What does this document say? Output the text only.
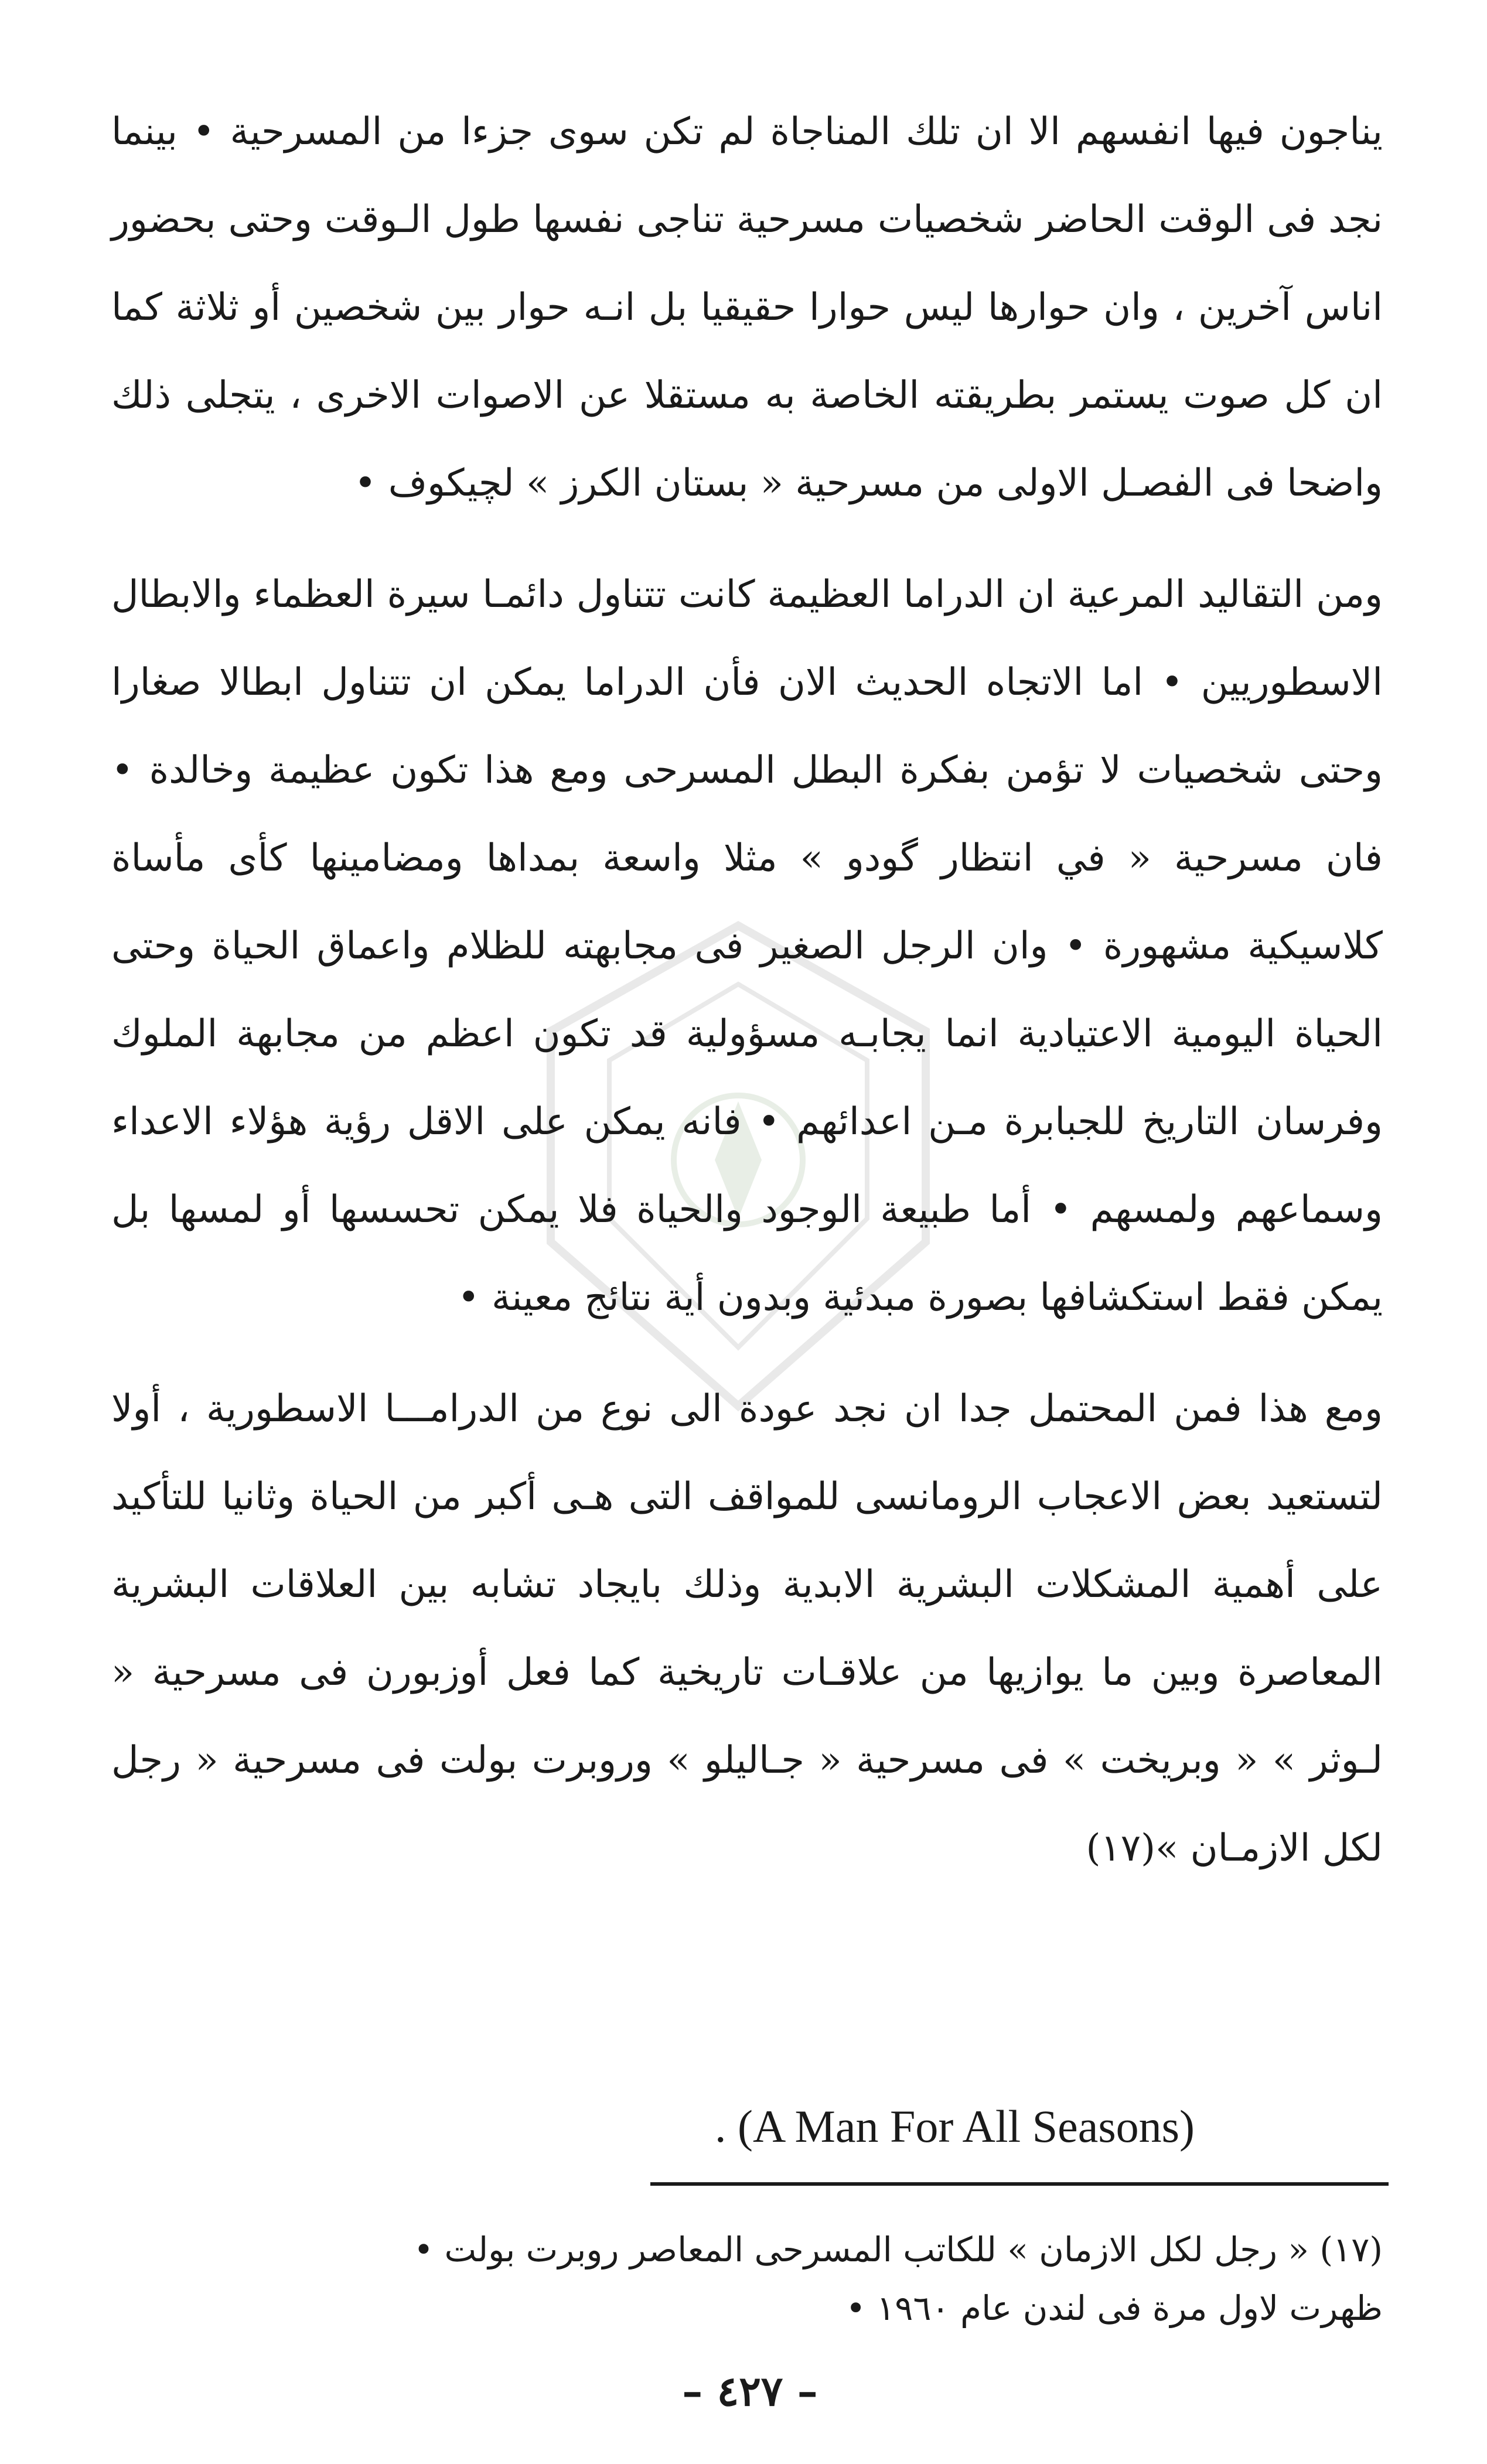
يناجون فيها انفسهم الا ان تلك المناجاة لم تكن سوى جزءا من المسرحية • بينما نجد فى الوقت الحاضر شخصيات مسرحية تناجى نفسها طول الـوقت وحتى بحضور اناس آخرين ، وان حوارها ليس حوارا حقيقيا بل انـه حوار بين شخصين أو ثلاثة كما ان كل صوت يستمر بطريقته الخاصة به مستقلا عن الاصوات الاخرى ، يتجلى ذلك واضحا فى الفصـل الاولى من مسرحية « بستان الكرز » لچيكوف •

ومن التقاليد المرعية ان الدراما العظيمة كانت تتناول دائمـا سيرة العظماء والابطال الاسطوريين • اما الاتجاه الحديث الان فأن الدراما يمكن ان تتناول ابطالا صغارا وحتى شخصيات لا تؤمن بفكرة البطل المسرحى ومع هذا تكون عظيمة وخالدة • فان مسرحية « في انتظار گودو » مثلا واسعة بمداها ومضامينها كأى مأساة كلاسيكية مشهورة • وان الرجل الصغير فى مجابهته للظلام واعماق الحياة وحتى الحياة اليومية الاعتيادية انما يجابـه مسؤولية قد تكون اعظم من مجابهة الملوك وفرسان التاريخ للجبابرة مـن اعدائهم • فانه يمكن على الاقل رؤية هؤلاء الاعداء وسماعهم ولمسهم • أما طبيعة الوجود والحياة فلا يمكن تحسسها أو لمسها بل يمكن فقط استكشافها بصورة مبدئية وبدون أية نتائج معينة •

ومع هذا فمن المحتمل جدا ان نجد عودة الى نوع من الدرامـــا الاسطورية ، أولا لتستعيد بعض الاعجاب الرومانسى للمواقف التى هـى أكبر من الحياة وثانيا للتأكيد على أهمية المشكلات البشرية الابدية وذلك بايجاد تشابه بين العلاقات البشرية المعاصرة وبين ما يوازيها من علاقـات تاريخية كما فعل أوزبورن فى مسرحية « لـوثر » « وبريخت » فى مسرحية « جـاليلو » وروبرت بولت فى مسرحية « رجل لكل الازمـان »(١٧)

. (A Man For All Seasons)

(١٧) « رجل لكل الازمان » للكاتب المسرحى المعاصر روبرت بولت •

ظهرت لاول مرة فى لندن عام ١٩٦٠ •

– ٤٢٧ –
